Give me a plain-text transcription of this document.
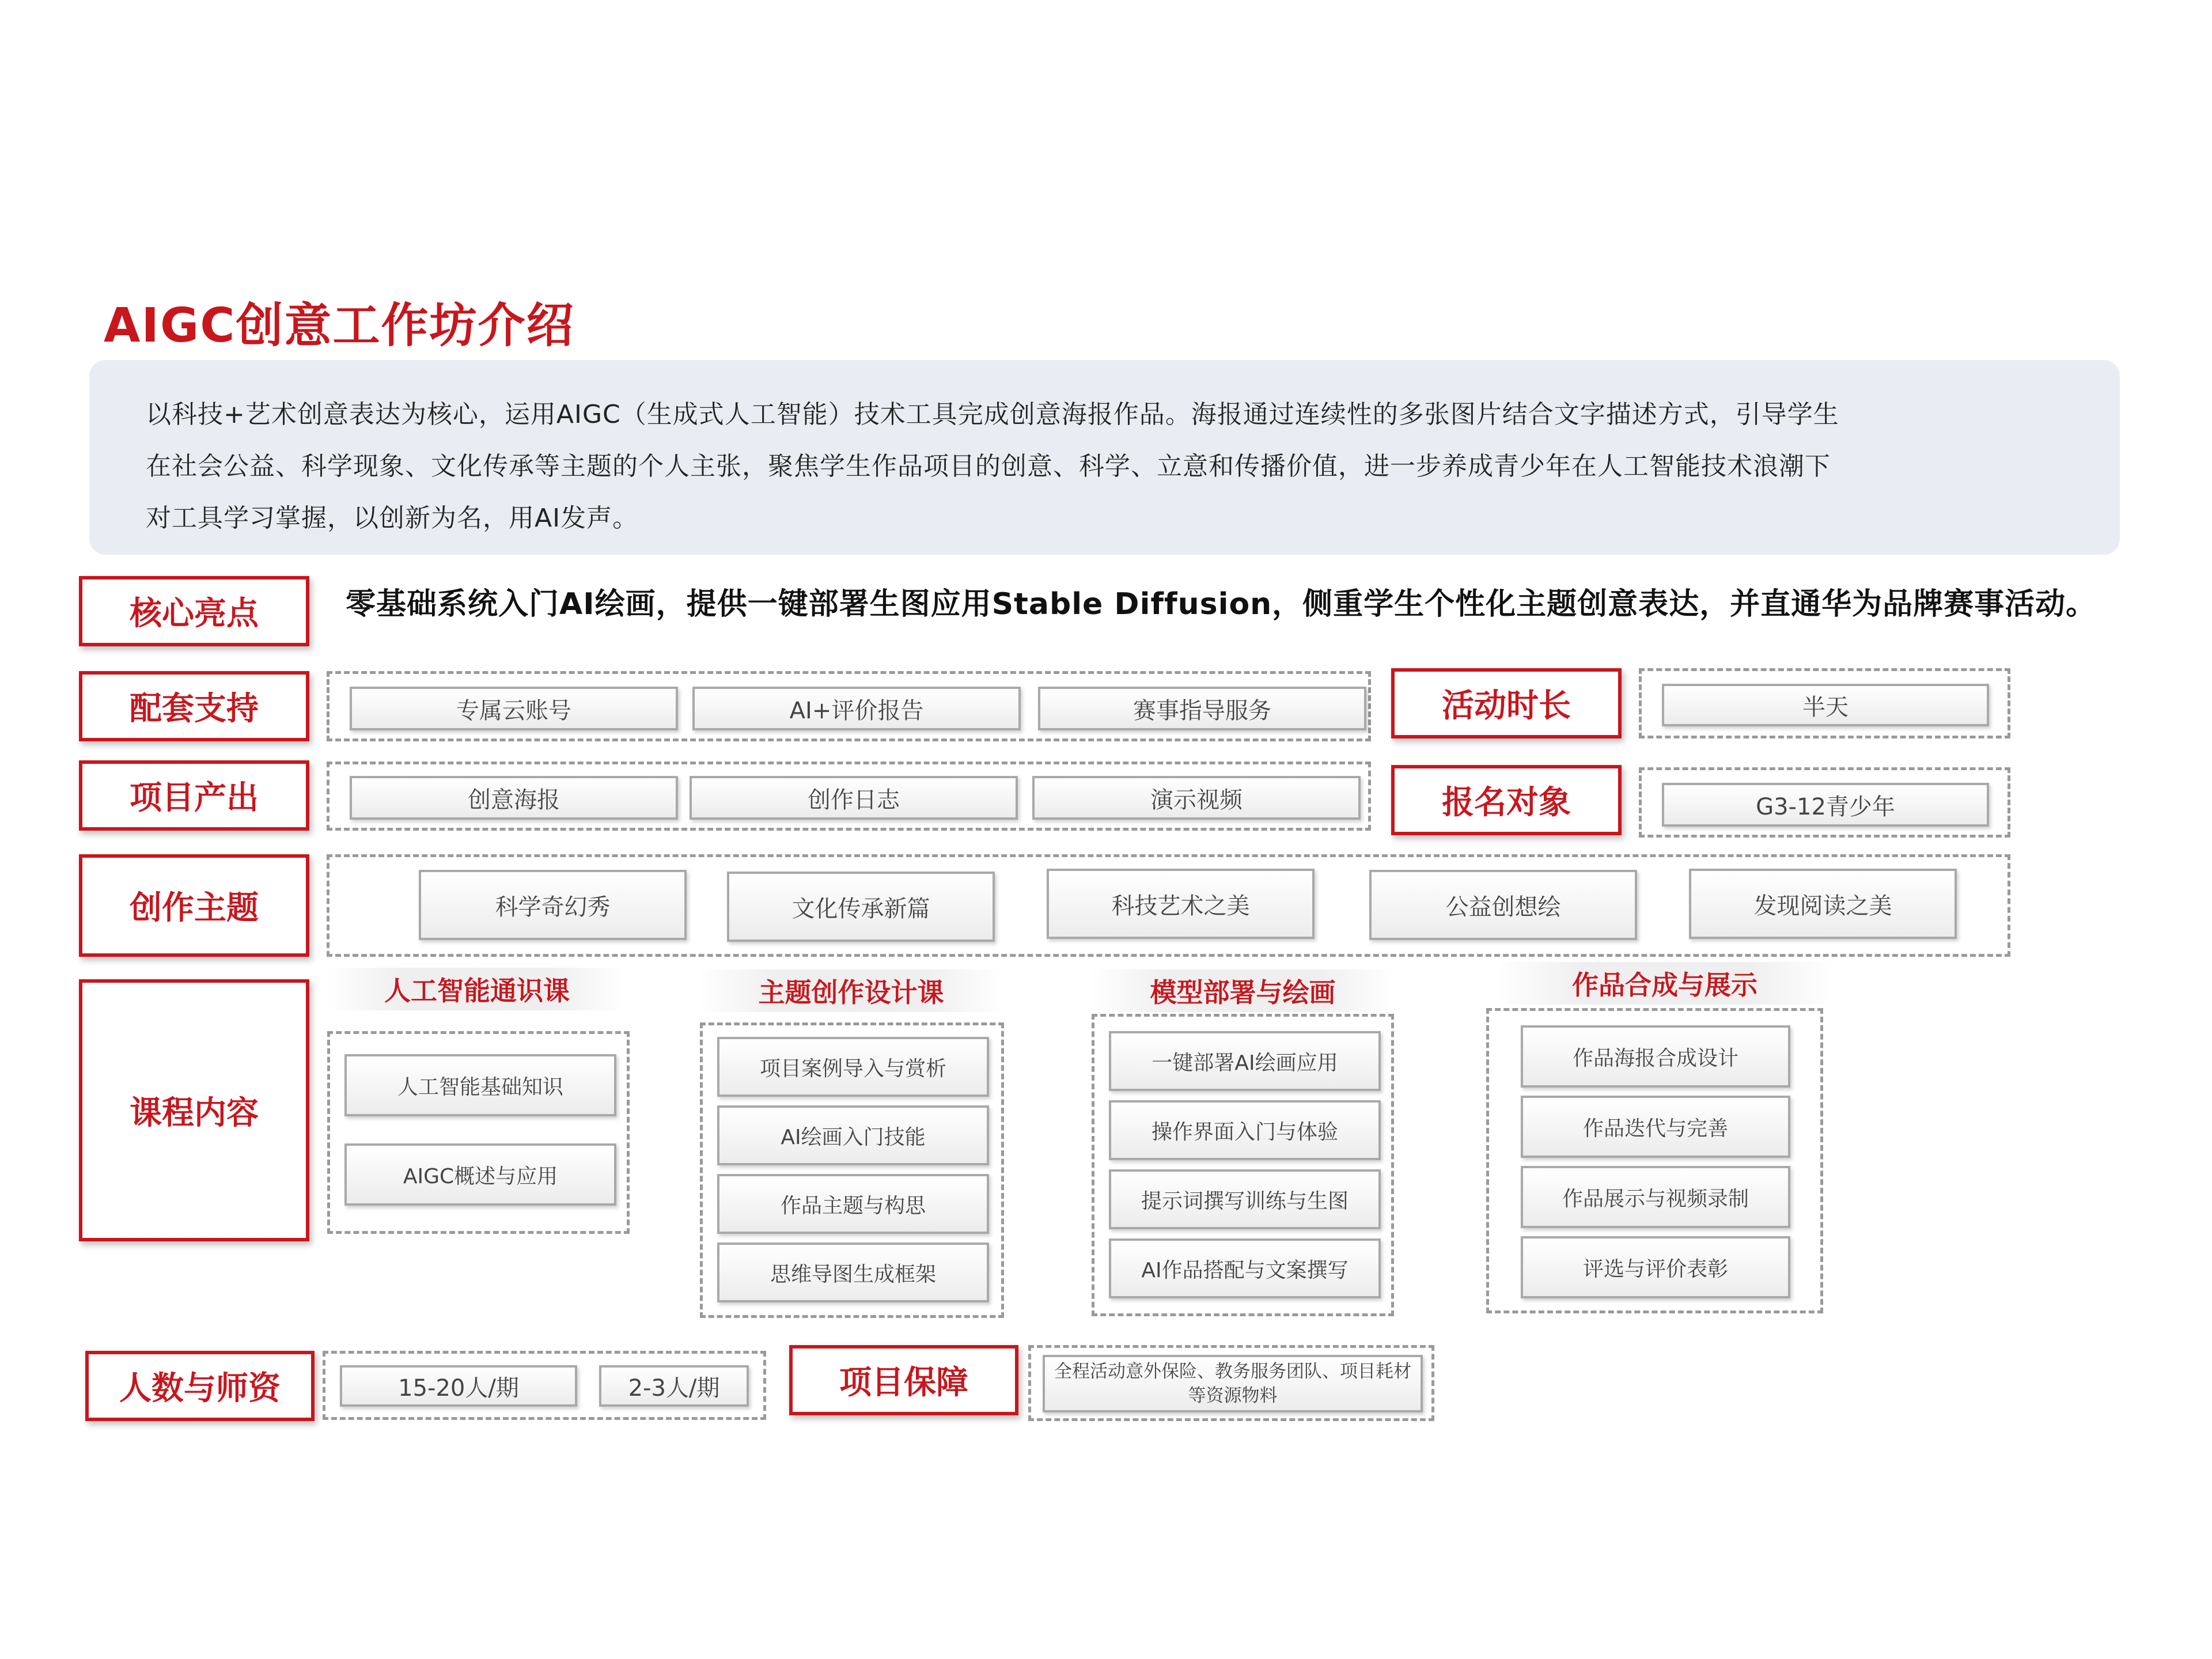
AIGC创意工作坊介绍
以科技+艺术创意表达为核心，运用AIGC（生成式人工智能）技术工具完成创意海报作品。海报通过连续性的多张图片结合文字描述方式，引导学生
在社会公益、科学现象、文化传承等主题的个人主张，聚焦学生作品项目的创意、科学、立意和传播价值，进一步养成青少年在人工智能技术浪潮下
对工具学习掌握，以创新为名，用AI发声。
核心亮点	零基础系统入门AI绘画，提供一键部署生图应用Stable Diffusion，侧重学生个性化主题创意表达，并直通华为品牌赛事活动。
配套支持	专属云账号	AI+评价报告	赛事指导服务	活动时长	半天
项目产出	创意海报	创作日志	演示视频	报名对象	G3-12青少年
创作主题	科学奇幻秀	文化传承新篇	科技艺术之美	公益创想绘	发现阅读之美
课程内容
人工智能通识课
人工智能基础知识
AIGC概述与应用
主题创作设计课
项目案例导入与赏析
AI绘画入门技能
作品主题与构思
思维导图生成框架
模型部署与绘画
一键部署AI绘画应用
操作界面入门与体验
提示词撰写训练与生图
AI作品搭配与文案撰写
作品合成与展示
作品海报合成设计
作品迭代与完善
作品展示与视频录制
评选与评价表彰
人数与师资	15-20人/期	2-3人/期	项目保障	全程活动意外保险、教务服务团队、项目耗材等资源物料
